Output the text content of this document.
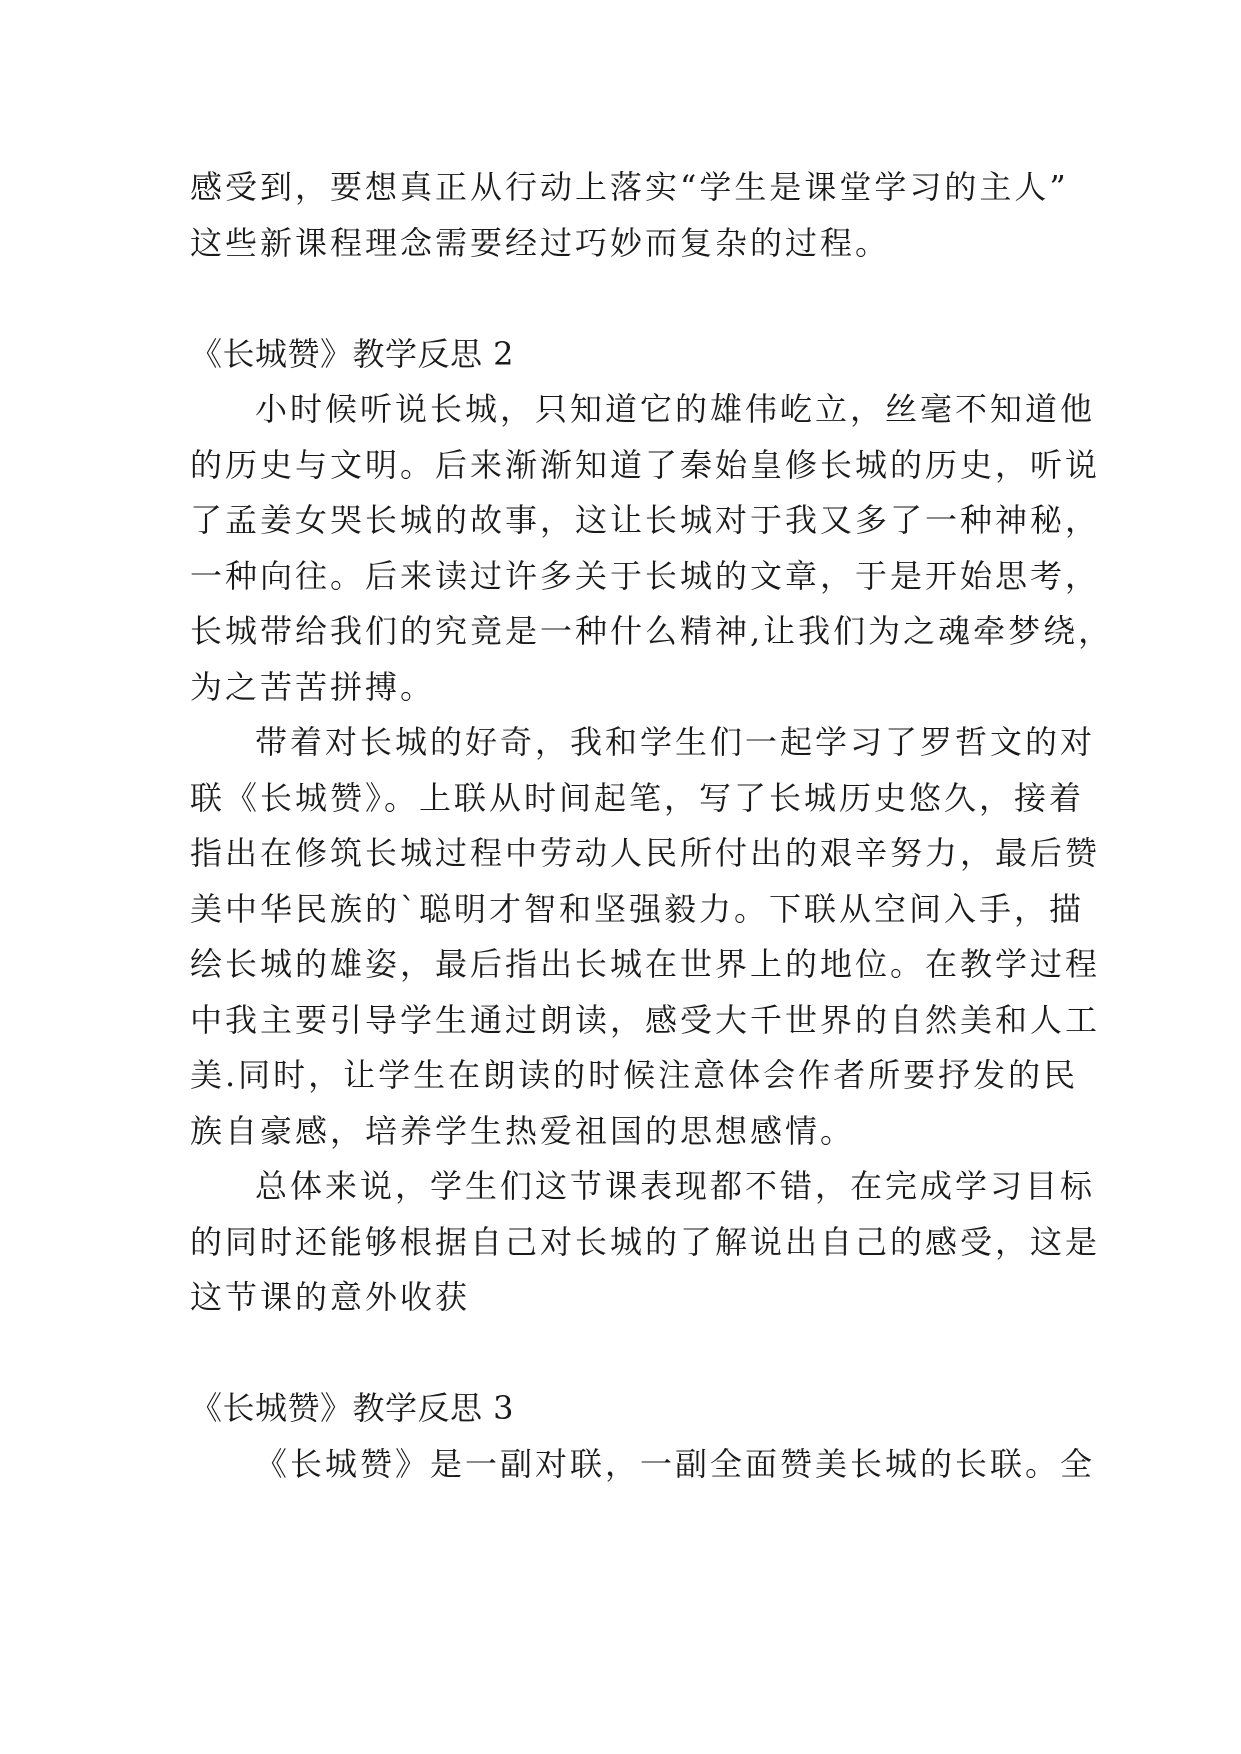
感受到，要想真正从行动上落实“学生是课堂学习的主人”
这些新课程理念需要经过巧妙而复杂的过程。
《长城赞》教学反思 2
小时候听说长城，只知道它的雄伟屹立，丝毫不知道他
的历史与文明。后来渐渐知道了秦始皇修长城的历史，听说
了孟姜女哭长城的故事，这让长城对于我又多了一种神秘，
一种向往。后来读过许多关于长城的文章，于是开始思考，
长城带给我们的究竟是一种什么精神,让我们为之魂牵梦绕，
为之苦苦拼搏。
带着对长城的好奇，我和学生们一起学习了罗哲文的对
联《长城赞》。上联从时间起笔，写了长城历史悠久，接着
指出在修筑长城过程中劳动人民所付出的艰辛努力，最后赞
美中华民族的`聪明才智和坚强毅力。下联从空间入手，描
绘长城的雄姿，最后指出长城在世界上的地位。在教学过程
中我主要引导学生通过朗读，感受大千世界的自然美和人工
美.同时，让学生在朗读的时候注意体会作者所要抒发的民
族自豪感，培养学生热爱祖国的思想感情。
总体来说，学生们这节课表现都不错，在完成学习目标
的同时还能够根据自己对长城的了解说出自己的感受，这是
这节课的意外收获
《长城赞》教学反思 3
《长城赞》是一副对联，一副全面赞美长城的长联。全
